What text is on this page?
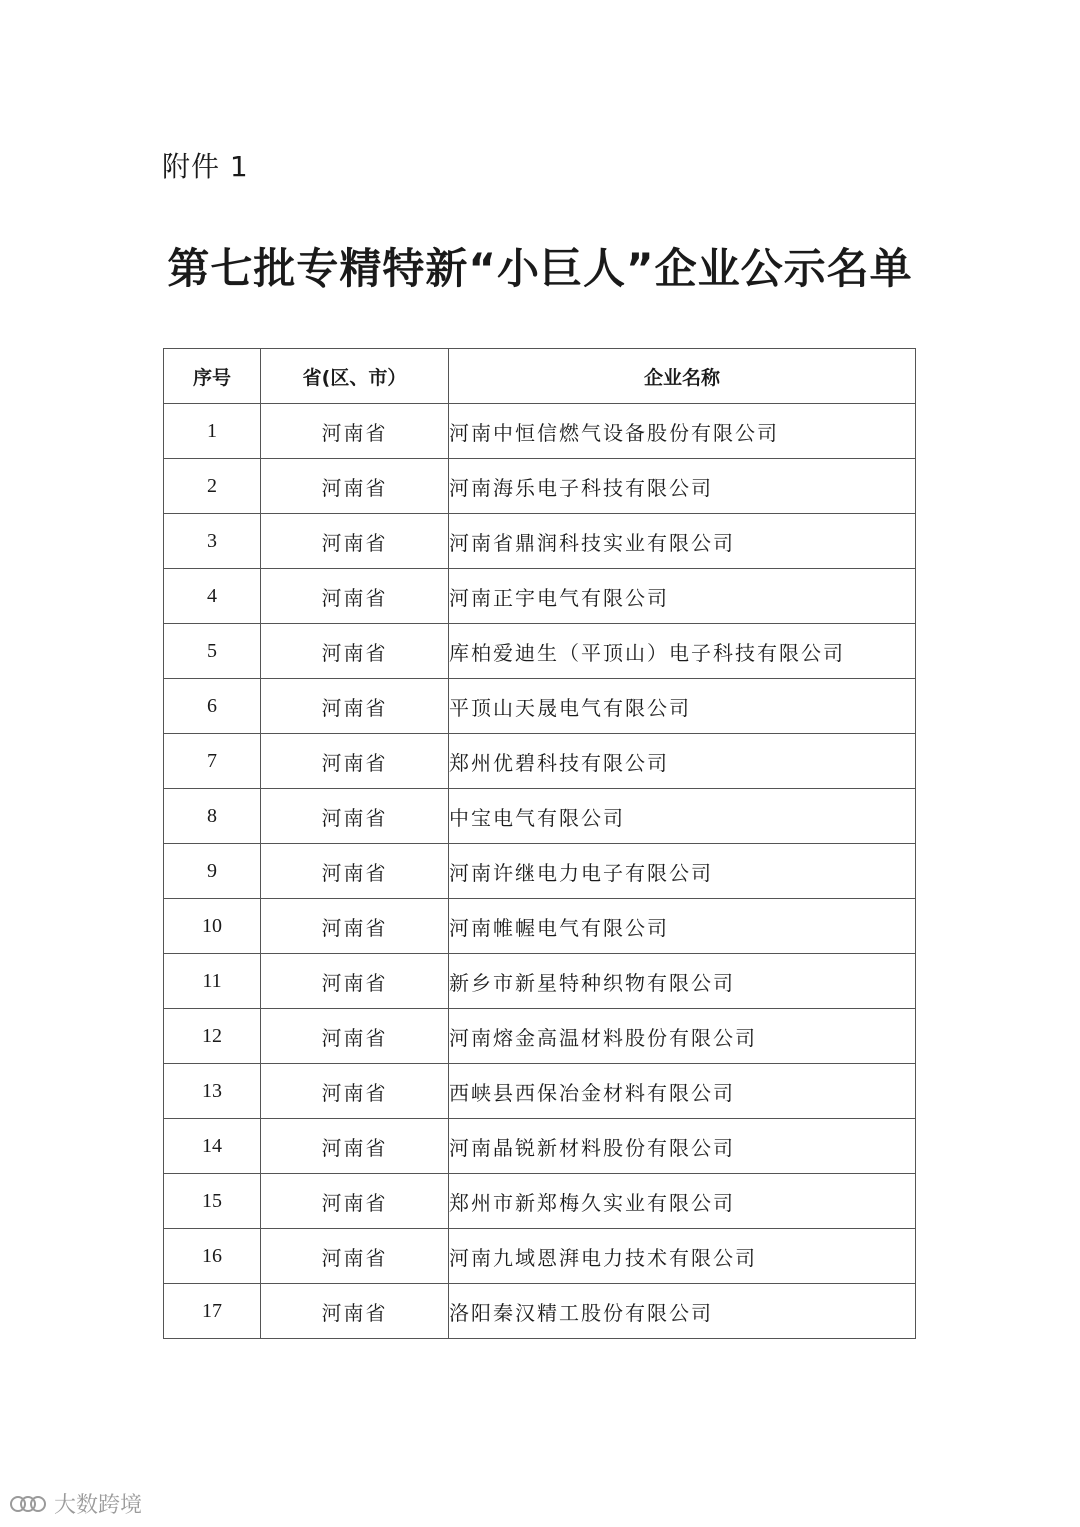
附件 1
第七批专精特新“小巨人”企业公示名单
序号	省(区、市）	企业名称
1	河南省	河南中恒信燃气设备股份有限公司
2	河南省	河南海乐电子科技有限公司
3	河南省	河南省鼎润科技实业有限公司
4	河南省	河南正宇电气有限公司
5	河南省	库柏爱迪生（平顶山）电子科技有限公司
6	河南省	平顶山天晟电气有限公司
7	河南省	郑州优碧科技有限公司
8	河南省	中宝电气有限公司
9	河南省	河南许继电力电子有限公司
10	河南省	河南帷幄电气有限公司
11	河南省	新乡市新星特种织物有限公司
12	河南省	河南熔金高温材料股份有限公司
13	河南省	西峡县西保冶金材料有限公司
14	河南省	河南晶锐新材料股份有限公司
15	河南省	郑州市新郑梅久实业有限公司
16	河南省	河南九域恩湃电力技术有限公司
17	河南省	洛阳秦汉精工股份有限公司
大数跨境
